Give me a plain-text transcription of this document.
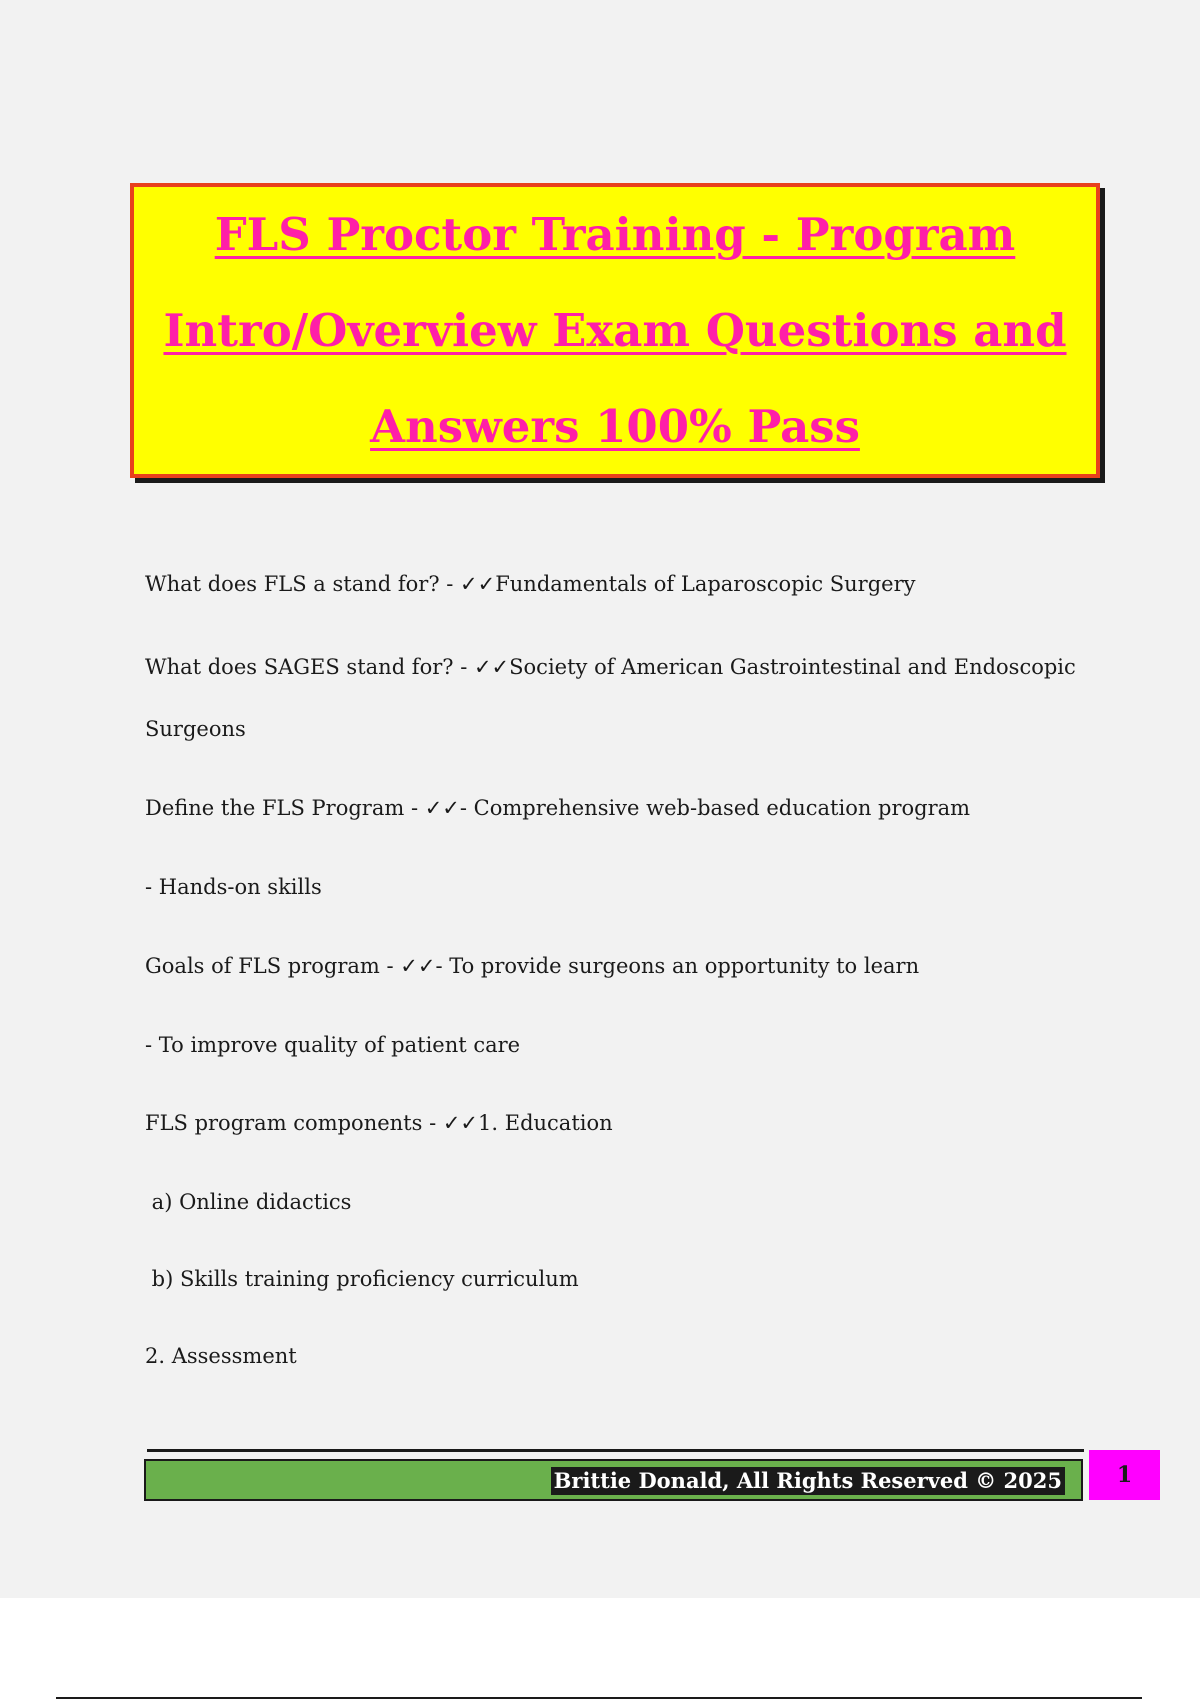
FLS Proctor Training - Program
Intro/Overview Exam Questions and
Answers 100% Pass
What does FLS a stand for? - ✓✓Fundamentals of Laparoscopic Surgery
What does SAGES stand for? - ✓✓Society of American Gastrointestinal and Endoscopic
Surgeons
Define the FLS Program - ✓✓- Comprehensive web-based education program
- Hands-on skills
Goals of FLS program - ✓✓- To provide surgeons an opportunity to learn
- To improve quality of patient care
FLS program components - ✓✓1. Education
a) Online didactics
b) Skills training proficiency curriculum
2. Assessment
Brittie Donald, All Rights Reserved © 2025	1
